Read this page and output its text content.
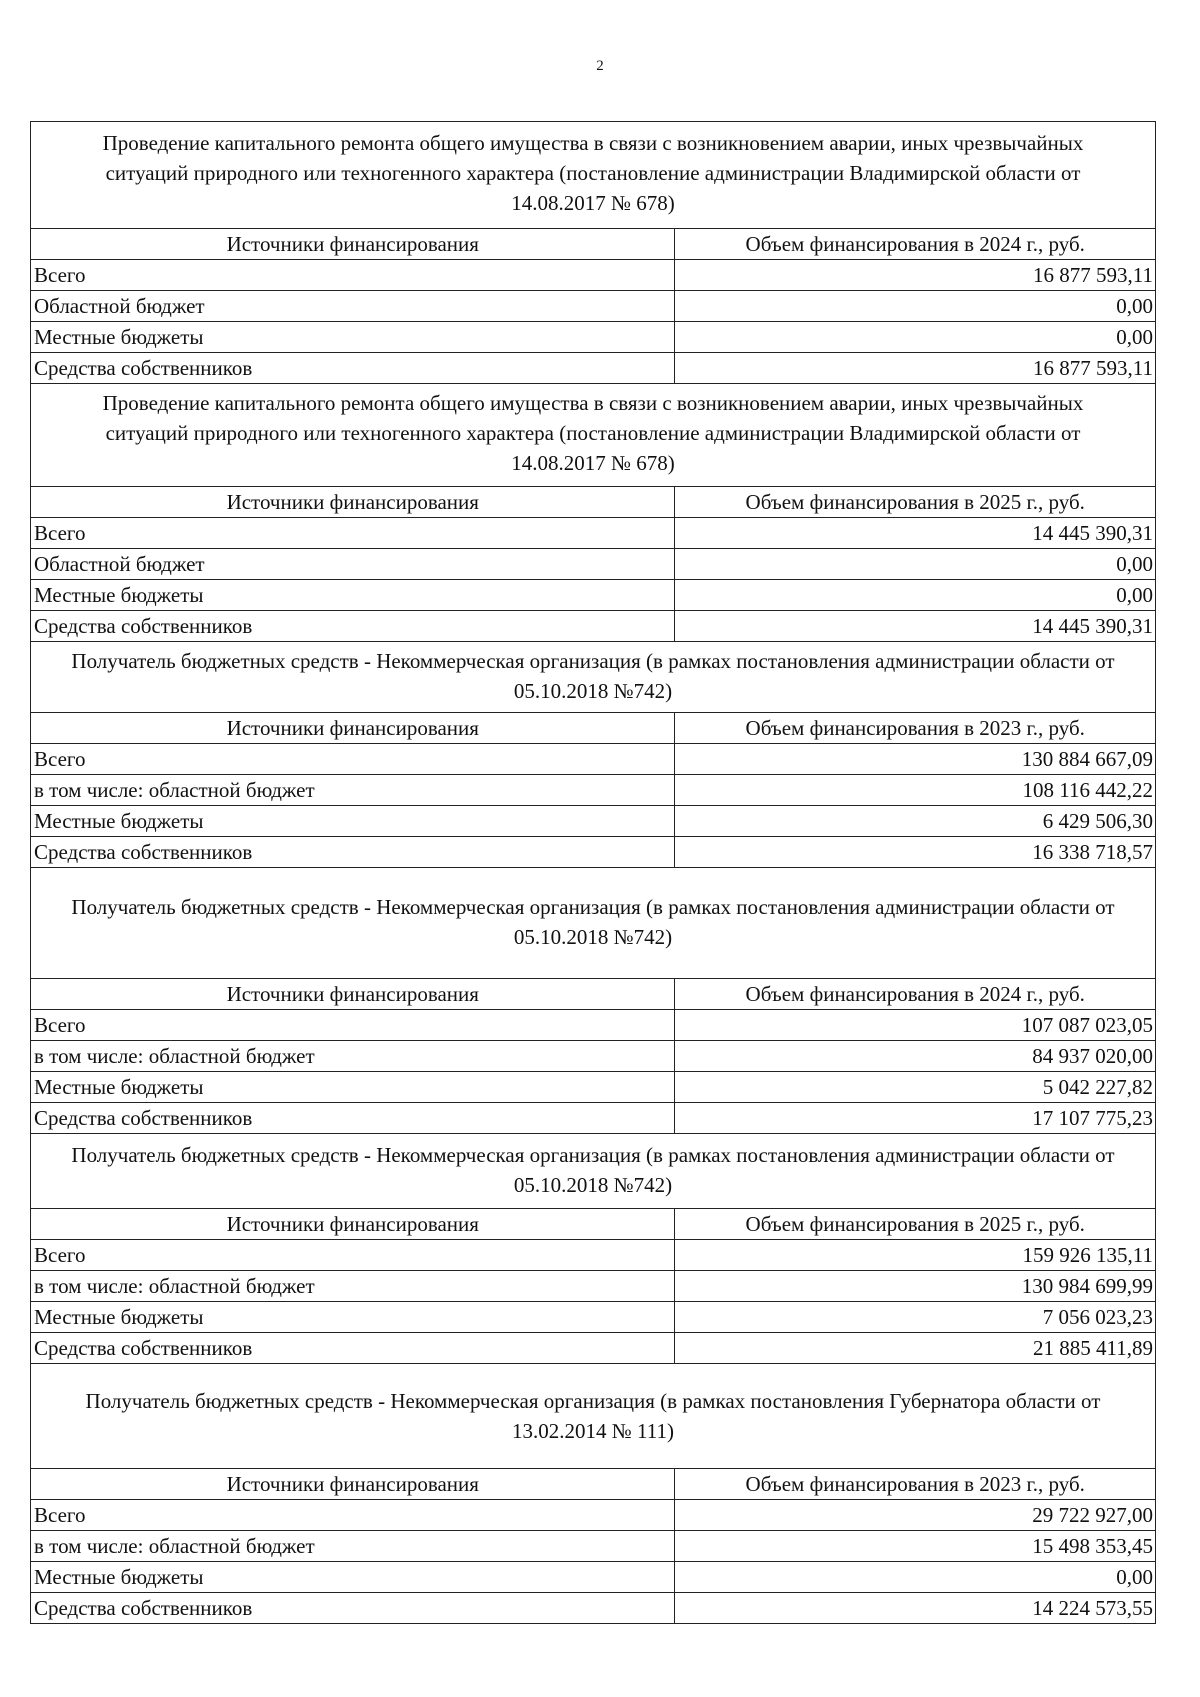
2
Проведение капитального ремонта общего имущества в связи с возникновением аварии, иных чрезвычайных ситуаций природного или техногенного характера (постановление администрации Владимирской области от 14.08.2017 № 678)
Источники финансирования	Объем финансирования в 2024 г., руб.
Всего	16 877 593,11
Областной бюджет	0,00
Местные бюджеты	0,00
Средства собственников	16 877 593,11
Проведение капитального ремонта общего имущества в связи с возникновением аварии, иных чрезвычайных ситуаций природного или техногенного характера (постановление администрации Владимирской области от 14.08.2017 № 678)
Источники финансирования	Объем финансирования в 2025 г., руб.
Всего	14 445 390,31
Областной бюджет	0,00
Местные бюджеты	0,00
Средства собственников	14 445 390,31
Получатель бюджетных средств - Некоммерческая организация (в рамках постановления администрации области от 05.10.2018 №742)
Источники финансирования	Объем финансирования в 2023 г., руб.
Всего	130 884 667,09
в том числе: областной бюджет	108 116 442,22
Местные бюджеты	6 429 506,30
Средства собственников	16 338 718,57
Получатель бюджетных средств - Некоммерческая организация (в рамках постановления администрации области от 05.10.2018 №742)
Источники финансирования	Объем финансирования в 2024 г., руб.
Всего	107 087 023,05
в том числе: областной бюджет	84 937 020,00
Местные бюджеты	5 042 227,82
Средства собственников	17 107 775,23
Получатель бюджетных средств - Некоммерческая организация (в рамках постановления администрации области от 05.10.2018 №742)
Источники финансирования	Объем финансирования в 2025 г., руб.
Всего	159 926 135,11
в том числе: областной бюджет	130 984 699,99
Местные бюджеты	7 056 023,23
Средства собственников	21 885 411,89
Получатель бюджетных средств - Некоммерческая организация (в рамках постановления Губернатора области от 13.02.2014 № 111)
Источники финансирования	Объем финансирования в 2023 г., руб.
Всего	29 722 927,00
в том числе: областной бюджет	15 498 353,45
Местные бюджеты	0,00
Средства собственников	14 224 573,55
